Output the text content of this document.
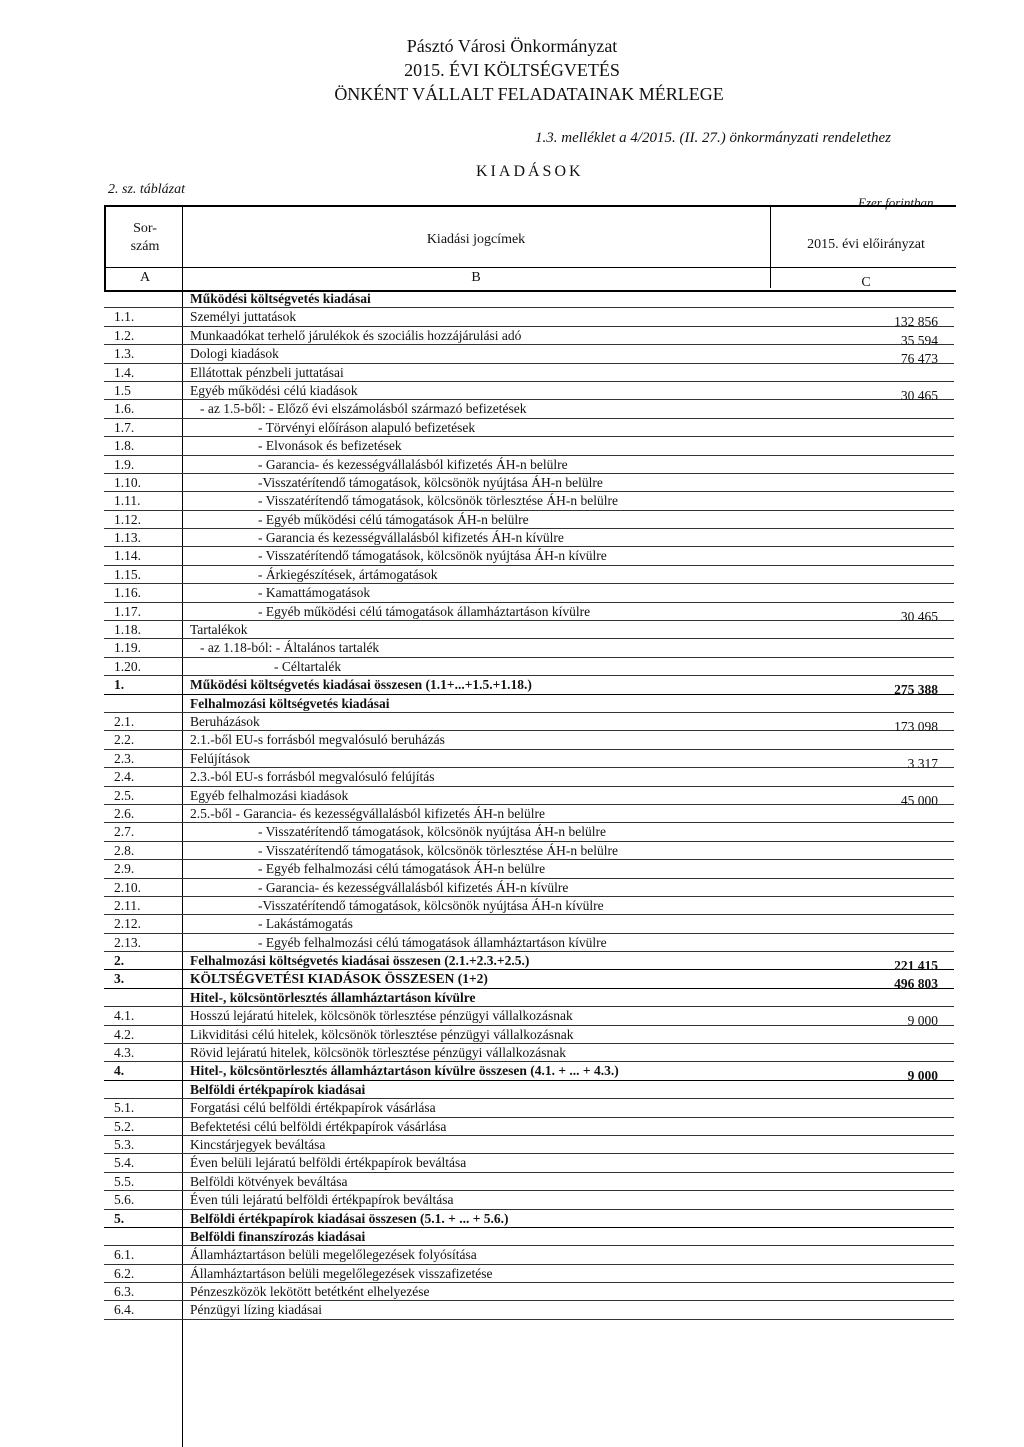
Pásztó Városi Önkormányzat
2015. ÉVI KÖLTSÉGVETÉS
ÖNKÉNT VÁLLALT FELADATAINAK MÉRLEGE
1.3. melléklet a 4/2015. (II. 27.) önkormányzati rendelethez
KIADÁSOK
2. sz. táblázat
Ezer forintban
Sor-
szám	Kiadási jogcímek	2015. évi előirányzat
A	B	C
Működési költségvetés kiadásai
1.1.	Személyi juttatások	132 856
1.2.	Munkaadókat terhelő járulékok és szociális hozzájárulási adó	35 594
1.3.	Dologi kiadások	76 473
1.4.	Ellátottak pénzbeli juttatásai
1.5	Egyéb működési célú kiadások	30 465
1.6.	- az 1.5-ből: - Előző évi elszámolásból származó befizetések
1.7.	- Törvényi előíráson alapuló befizetések
1.8.	- Elvonások és befizetések
1.9.	- Garancia- és kezességvállalásból kifizetés ÁH-n belülre
1.10.	-Visszatérítendő támogatások, kölcsönök nyújtása ÁH-n belülre
1.11.	- Visszatérítendő támogatások, kölcsönök törlesztése ÁH-n belülre
1.12.	- Egyéb működési célú támogatások ÁH-n belülre
1.13.	- Garancia és kezességvállalásból kifizetés ÁH-n kívülre
1.14.	- Visszatérítendő támogatások, kölcsönök nyújtása ÁH-n kívülre
1.15.	- Árkiegészítések, ártámogatások
1.16.	- Kamattámogatások
1.17.	- Egyéb működési célú támogatások államháztartáson kívülre	30 465
1.18.	Tartalékok
1.19.	- az 1.18-ból: - Általános tartalék
1.20.	- Céltartalék
1.	Működési költségvetés kiadásai összesen (1.1+...+1.5.+1.18.)	275 388
Felhalmozási költségvetés kiadásai
2.1.	Beruházások	173 098
2.2.	2.1.-ből EU-s forrásból megvalósuló beruházás
2.3.	Felújítások	3 317
2.4.	2.3.-ból EU-s forrásból megvalósuló felújítás
2.5.	Egyéb felhalmozási kiadások	45 000
2.6.	2.5.-ből - Garancia- és kezességvállalásból kifizetés ÁH-n belülre
2.7.	- Visszatérítendő támogatások, kölcsönök nyújtása ÁH-n belülre
2.8.	- Visszatérítendő támogatások, kölcsönök törlesztése ÁH-n belülre
2.9.	- Egyéb felhalmozási célú támogatások ÁH-n belülre
2.10.	- Garancia- és kezességvállalásból kifizetés ÁH-n kívülre
2.11.	-Visszatérítendő támogatások, kölcsönök nyújtása ÁH-n kívülre
2.12.	- Lakástámogatás
2.13.	- Egyéb felhalmozási célú támogatások államháztartáson kívülre
2.	Felhalmozási költségvetés kiadásai összesen (2.1.+2.3.+2.5.)	221 415
3.	KÖLTSÉGVETÉSI KIADÁSOK ÖSSZESEN (1+2)	496 803
Hitel-, kölcsöntörlesztés államháztartáson kívülre
4.1.	Hosszú lejáratú hitelek, kölcsönök törlesztése pénzügyi vállalkozásnak	9 000
4.2.	Likviditási célú hitelek, kölcsönök törlesztése pénzügyi vállalkozásnak
4.3.	Rövid lejáratú hitelek, kölcsönök törlesztése pénzügyi vállalkozásnak
4.	Hitel-, kölcsöntörlesztés államháztartáson kívülre összesen (4.1. + ... + 4.3.)	9 000
Belföldi értékpapírok kiadásai
5.1.	Forgatási célú belföldi értékpapírok vásárlása
5.2.	Befektetési célú belföldi értékpapírok vásárlása
5.3.	Kincstárjegyek beváltása
5.4.	Éven belüli lejáratú belföldi értékpapírok beváltása
5.5.	Belföldi kötvények beváltása
5.6.	Éven túli lejáratú belföldi értékpapírok beváltása
5.	Belföldi értékpapírok kiadásai összesen (5.1. + ... + 5.6.)
Belföldi finanszírozás kiadásai
6.1.	Államháztartáson belüli megelőlegezések folyósítása
6.2.	Államháztartáson belüli megelőlegezések visszafizetése
6.3.	Pénzeszközök lekötött betétként elhelyezése
6.4.	Pénzügyi lízing kiadásai
